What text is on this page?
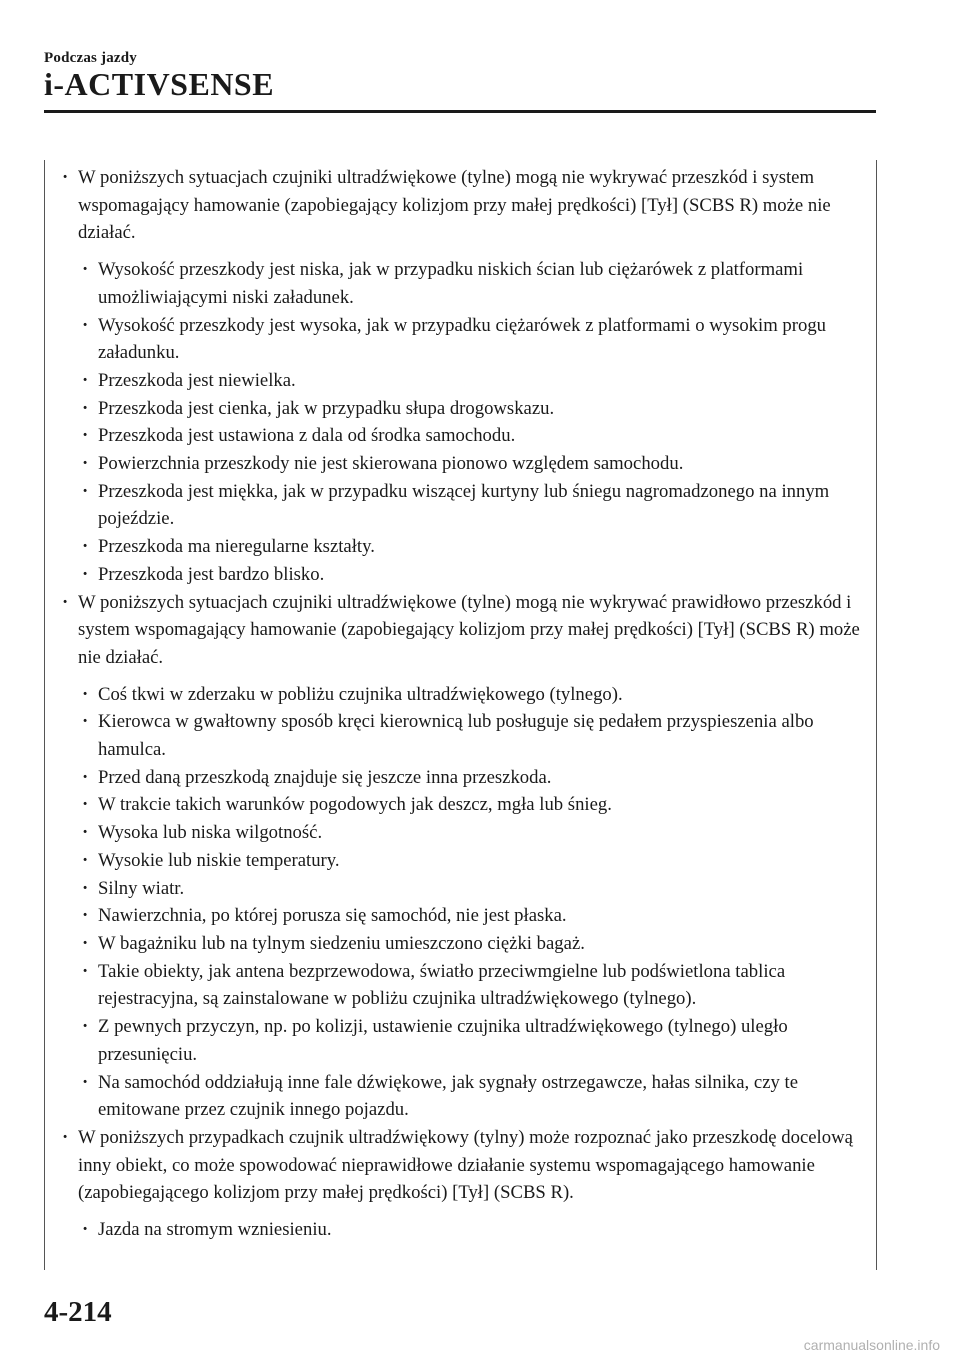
Podczas jazdy
i-ACTIVSENSE
· W poniższych sytuacjach czujniki ultradźwiękowe (tylne) mogą nie wykrywać przeszkód i system wspomagający hamowanie (zapobiegający kolizjom przy małej prędkości) [Tył] (SCBS R) może nie działać.
· Wysokość przeszkody jest niska, jak w przypadku niskich ścian lub ciężarówek z platformami umożliwiającymi niski załadunek.
· Wysokość przeszkody jest wysoka, jak w przypadku ciężarówek z platformami o wysokim progu załadunku.
· Przeszkoda jest niewielka.
· Przeszkoda jest cienka, jak w przypadku słupa drogowskazu.
· Przeszkoda jest ustawiona z dala od środka samochodu.
· Powierzchnia przeszkody nie jest skierowana pionowo względem samochodu.
· Przeszkoda jest miękka, jak w przypadku wiszącej kurtyny lub śniegu nagromadzonego na innym pojeździe.
· Przeszkoda ma nieregularne kształty.
· Przeszkoda jest bardzo blisko.
· W poniższych sytuacjach czujniki ultradźwiękowe (tylne) mogą nie wykrywać prawidłowo przeszkód i system wspomagający hamowanie (zapobiegający kolizjom przy małej prędkości) [Tył] (SCBS R) może nie działać.
· Coś tkwi w zderzaku w pobliżu czujnika ultradźwiękowego (tylnego).
· Kierowca w gwałtowny sposób kręci kierownicą lub posługuje się pedałem przyspieszenia albo hamulca.
· Przed daną przeszkodą znajduje się jeszcze inna przeszkoda.
· W trakcie takich warunków pogodowych jak deszcz, mgła lub śnieg.
· Wysoka lub niska wilgotność.
· Wysokie lub niskie temperatury.
· Silny wiatr.
· Nawierzchnia, po której porusza się samochód, nie jest płaska.
· W bagażniku lub na tylnym siedzeniu umieszczono ciężki bagaż.
· Takie obiekty, jak antena bezprzewodowa, światło przeciwmgielne lub podświetlona tablica rejestracyjna, są zainstalowane w pobliżu czujnika ultradźwiękowego (tylnego).
· Z pewnych przyczyn, np. po kolizji, ustawienie czujnika ultradźwiękowego (tylnego) uległo przesunięciu.
· Na samochód oddziałują inne fale dźwiękowe, jak sygnały ostrzegawcze, hałas silnika, czy te emitowane przez czujnik innego pojazdu.
· W poniższych przypadkach czujnik ultradźwiękowy (tylny) może rozpoznać jako przeszkodę docelową inny obiekt, co może spowodować nieprawidłowe działanie systemu wspomagającego hamowanie (zapobiegającego kolizjom przy małej prędkości) [Tył] (SCBS R).
· Jazda na stromym wzniesieniu.
4-214
carmanualsonline.info
